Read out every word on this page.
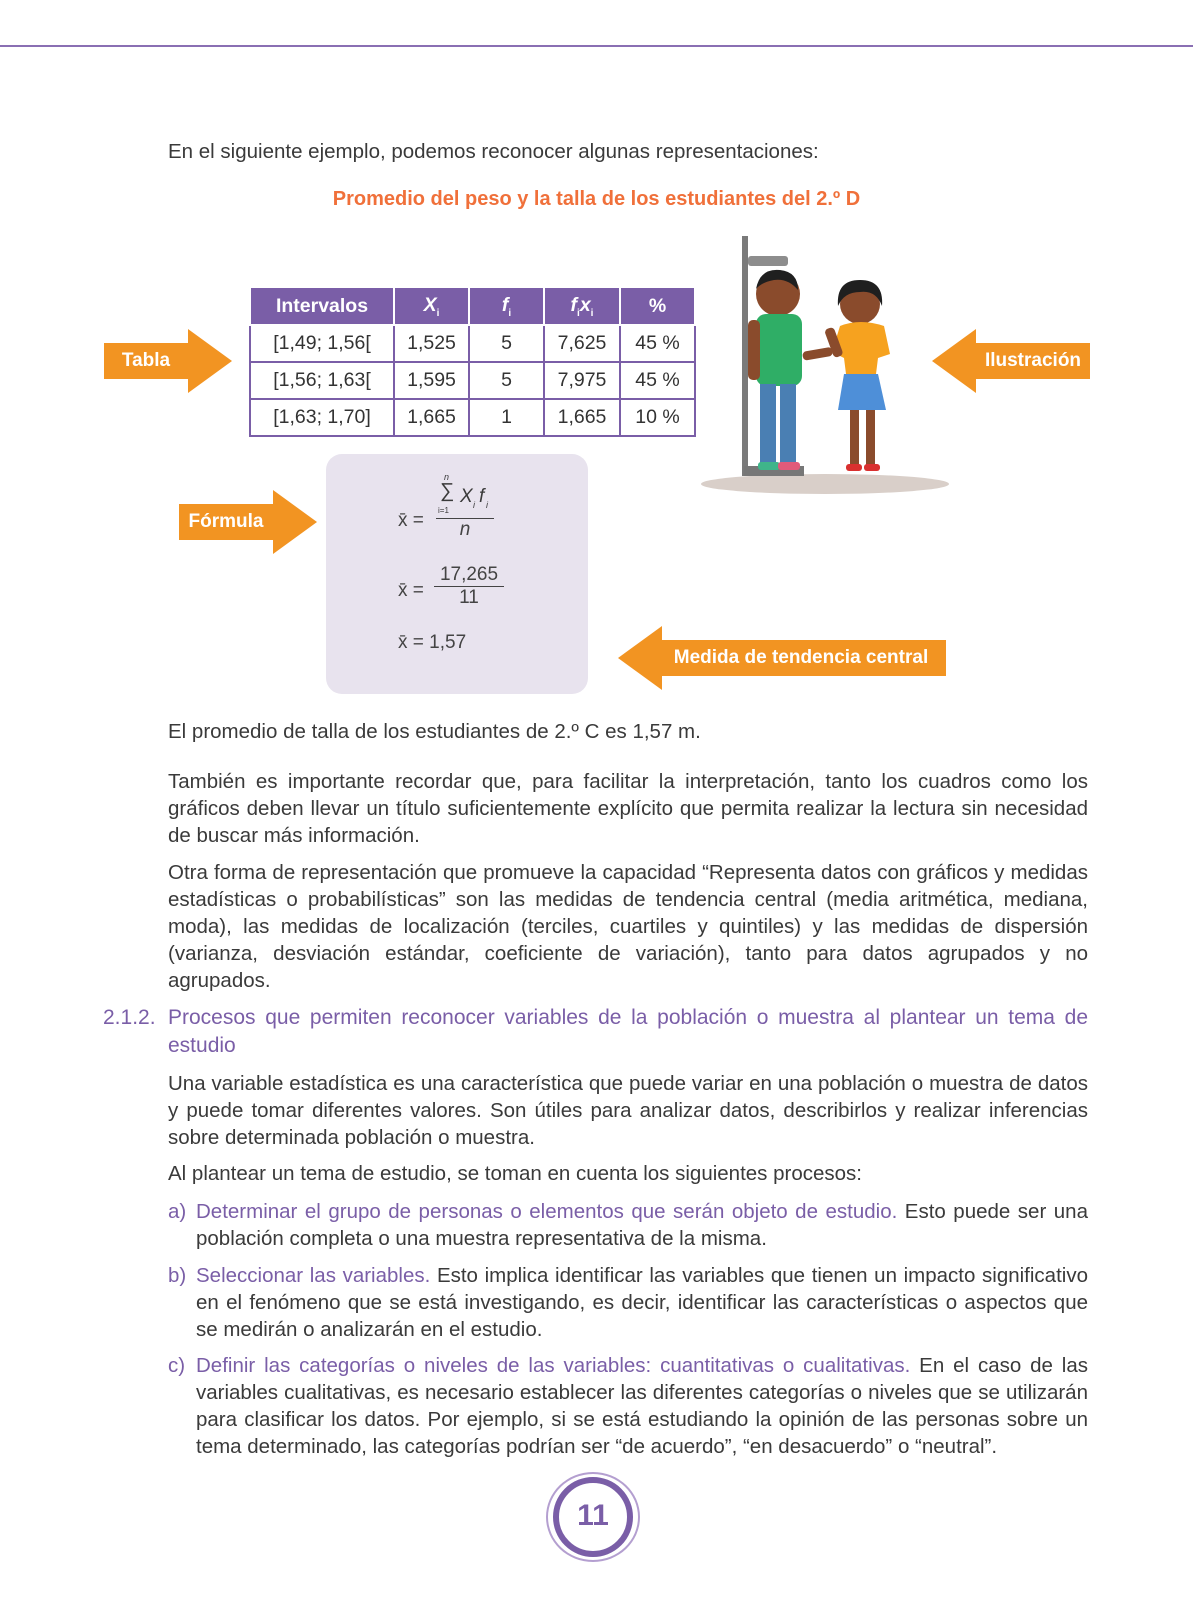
En el siguiente ejemplo, podemos reconocer algunas representaciones:
Promedio del peso y la talla de los estudiantes del 2.º D
Tabla
Intervalos	$X_i$	$f_i$	$f_ix_i$	%
[1,49; 1,56[	1,525	5	7,625	45 %
[1,56; 1,63[	1,595	5	7,975	45 %
[1,63; 1,70]	1,665	1	1,665	10 %
Ilustración
Fórmula	x̄ =
n
∑
i=1
X i f i
n
x̄ = $\frac{17,265}{11}$
x̄ = 1,57
Medida de tendencia central
El promedio de talla de los estudiantes de 2.º C es 1,57 m.
También es importante recordar que, para facilitar la interpretación, tanto los cuadros como los gráficos deben llevar un título suficientemente explícito que permita realizar la lectura sin necesidad de buscar más información.
Otra forma de representación que promueve la capacidad “Representa datos con gráficos y medidas estadísticas o probabilísticas” son las medidas de tendencia central (media aritmética, mediana, moda), las medidas de localización (terciles, cuartiles y quintiles) y las medidas de dispersión (varianza, desviación estándar, coeficiente de variación), tanto para datos agrupados y no agrupados.
2.1.2. Procesos que permiten reconocer variables de la población o muestra al plantear un tema de estudio
Una variable estadística es una característica que puede variar en una población o muestra de datos y puede tomar diferentes valores. Son útiles para analizar datos, describirlos y realizar inferencias sobre determinada población o muestra.
Al plantear un tema de estudio, se toman en cuenta los siguientes procesos:
a) Determinar el grupo de personas o elementos que serán objeto de estudio. Esto puede ser una población completa o una muestra representativa de la misma.
b) Seleccionar las variables. Esto implica identificar las variables que tienen un impacto significativo en el fenómeno que se está investigando, es decir, identificar las características o aspectos que se medirán o analizarán en el estudio.
c) Definir las categorías o niveles de las variables: cuantitativas o cualitativas. En el caso de las variables cualitativas, es necesario establecer las diferentes categorías o niveles que se utilizarán para clasificar los datos. Por ejemplo, si se está estudiando la opinión de las personas sobre un tema determinado, las categorías podrían ser “de acuerdo”, “en desacuerdo” o “neutral”.
11
